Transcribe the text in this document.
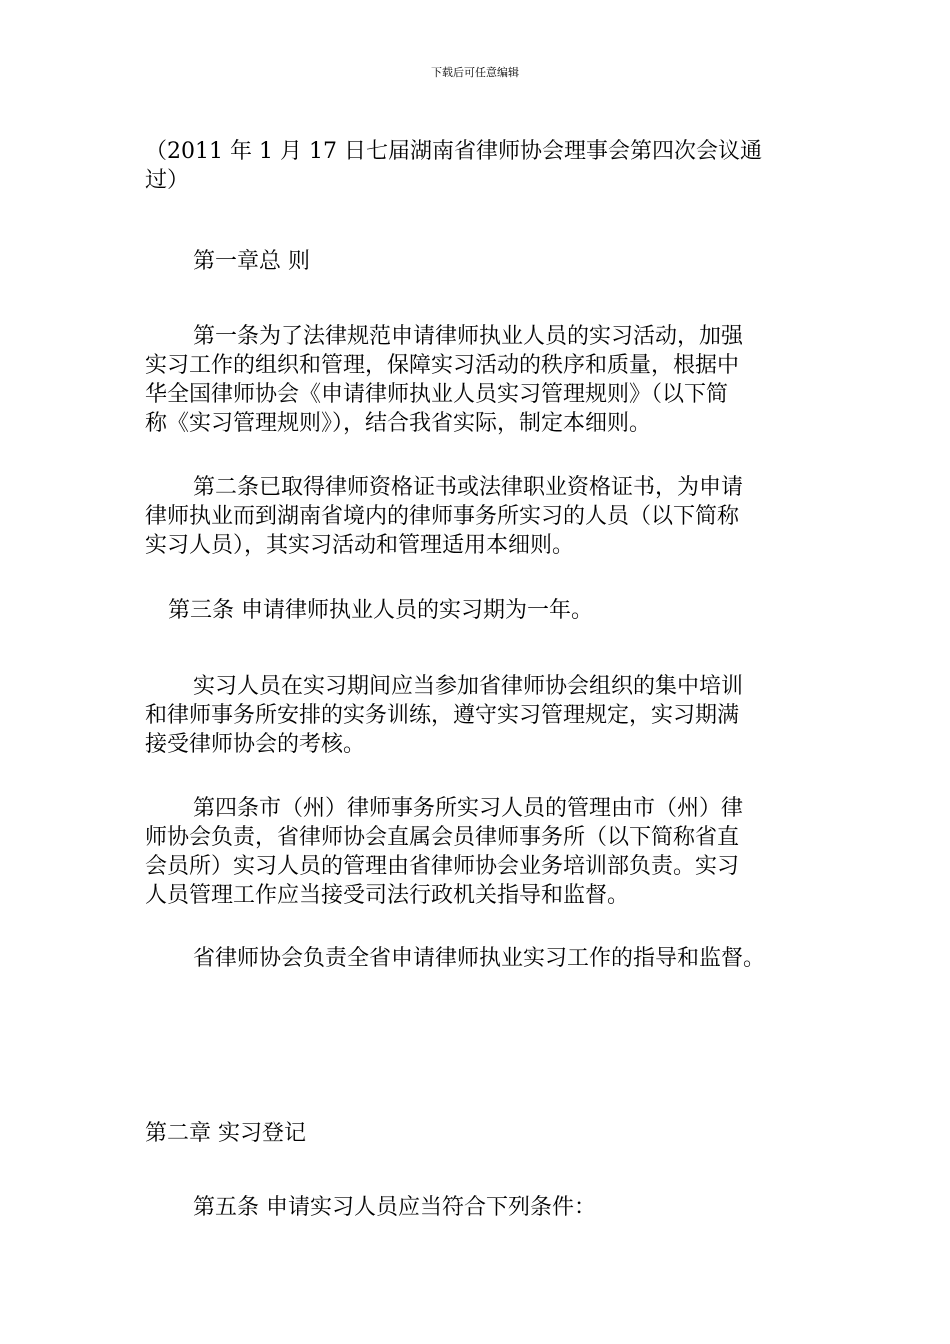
下载后可任意编辑
（2011 年 1 月 17 日七届湖南省律师协会理事会第四次会议通
过）
第一章总 则
第一条为了法律规范申请律师执业人员的实习活动，加强
实习工作的组织和管理，保障实习活动的秩序和质量，根据中
华全国律师协会《申请律师执业人员实习管理规则》（以下简
称《实习管理规则》），结合我省实际，制定本细则。
第二条已取得律师资格证书或法律职业资格证书，为申请
律师执业而到湖南省境内的律师事务所实习的人员（以下简称
实习人员），其实习活动和管理适用本细则。
第三条 申请律师执业人员的实习期为一年。
实习人员在实习期间应当参加省律师协会组织的集中培训
和律师事务所安排的实务训练，遵守实习管理规定，实习期满
接受律师协会的考核。
第四条市（州）律师事务所实习人员的管理由市（州）律
师协会负责，省律师协会直属会员律师事务所（以下简称省直
会员所）实习人员的管理由省律师协会业务培训部负责。实习
人员管理工作应当接受司法行政机关指导和监督。
省律师协会负责全省申请律师执业实习工作的指导和监督。
第二章 实习登记
第五条 申请实习人员应当符合下列条件：
